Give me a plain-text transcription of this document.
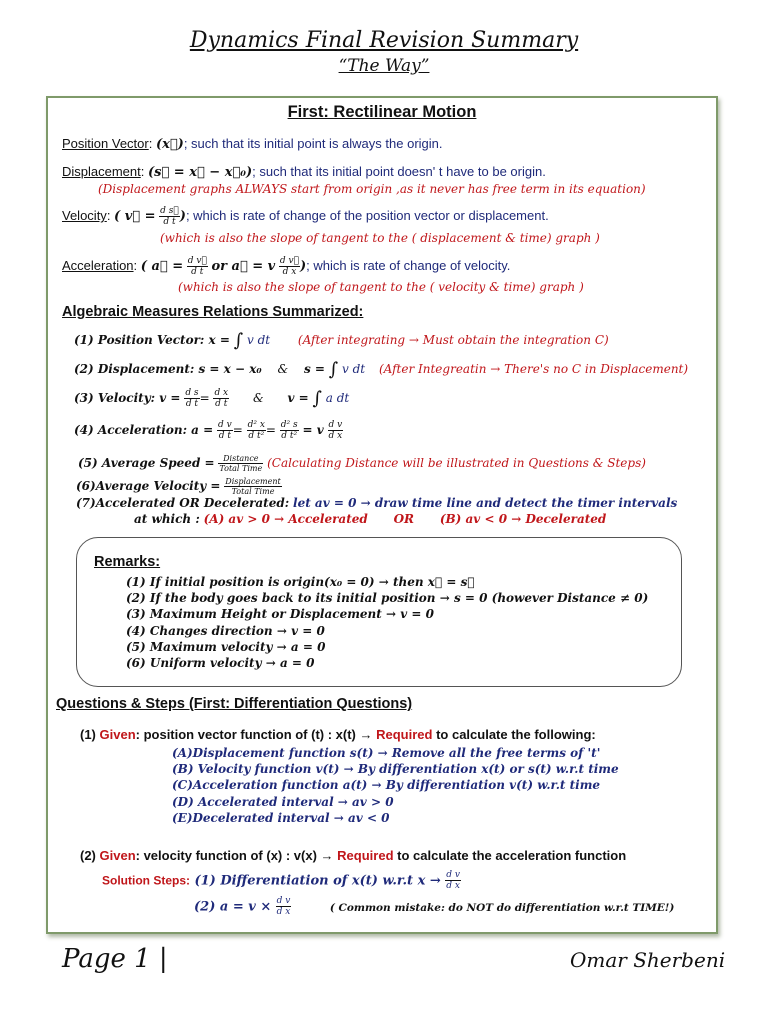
Dynamics Final Revision Summary
“The Way”
First: Rectilinear Motion
Position Vector: (x⃗); such that its initial point is always the origin.
Displacement: (s⃗ = x⃗ − x⃗₀); such that its initial point doesn' t have to be origin.
(Displacement graphs ALWAYS start from origin ,as it never has free term in its equation)
Velocity: ( v⃗ = $\frac{\text{d s⃗}}{\text{d t}}$ ); which is rate of change of the position vector or displacement.
(which is also the slope of tangent to the ( displacement & time) graph )
Acceleration: ( a⃗ = $\frac{\text{d v⃗}}{\text{d t}}$ or a⃗ = v $\frac{\text{d v⃗}}{\text{d x}}$ ); which is rate of change of velocity.
(which is also the slope of tangent to the ( velocity & time) graph )
Algebraic Measures Relations Summarized:
(1) Position Vector: x = ∫ v dt (After integrating → Must obtain the integration C)
(2) Displacement: s = x − x₀ & s = ∫ v dt (After Integreatin → There's no C in Displacement)
(3) Velocity: $v = \frac{\text{d s}}{\text{d t}} = \frac{\text{d x}}{\text{d t}}$ & v = ∫ a dt
(4) Acceleration: $a = \frac{\text{d v}}{\text{d t}} = \frac{\text{d² x}}{\text{d t²}} = \frac{\text{d² s}}{\text{d t²}} = v \frac{\text{d v}}{\text{d x}}$
(5) Average Speed = $\frac{\text{Distance}}{\text{Total Time}}$ (Calculating Distance will be illustrated in Questions & Steps)
(6)Average Velocity = $\frac{\text{Displacement}}{\text{Total Time}}$
(7)Accelerated OR Decelerated: let av = 0 → draw time line and detect the timer intervals
at which : (A) av > 0 → Accelerated OR (B) av < 0 → Decelerated
Remarks:
(1) If initial position is origin(x₀ = 0) → then x⃗ = s⃗
(2) If the body goes back to its initial position → s = 0 (however Distance ≠ 0)
(3) Maximum Height or Displacement → v = 0
(4) Changes direction → v = 0
(5) Maximum velocity → a = 0
(6) Uniform velocity → a = 0
Questions & Steps (First: Differentiation Questions)
(1) Given: position vector function of (t) : x(t) → Required to calculate the following:
(A)Displacement function s(t) → Remove all the free terms of 't'
(B) Velocity function v(t) → By differentiation x(t) or s(t) w.r.t time
(C)Acceleration function a(t) → By differentiation v(t) w.r.t time
(D) Accelerated interval → av > 0
(E)Decelerated interval → av < 0
(2) Given: velocity function of (x) : v(x) → Required to calculate the acceleration function
Solution Steps: (1) Differentiation of x(t) w.r.t $x \to \frac{\text{d v}}{\text{d x}}$
(2) $a = v \times \frac{\text{d v}}{\text{d x}}$	( Common mistake: do NOT do differentiation w.r.t TIME!)
Page 1 |	Omar Sherbeni
